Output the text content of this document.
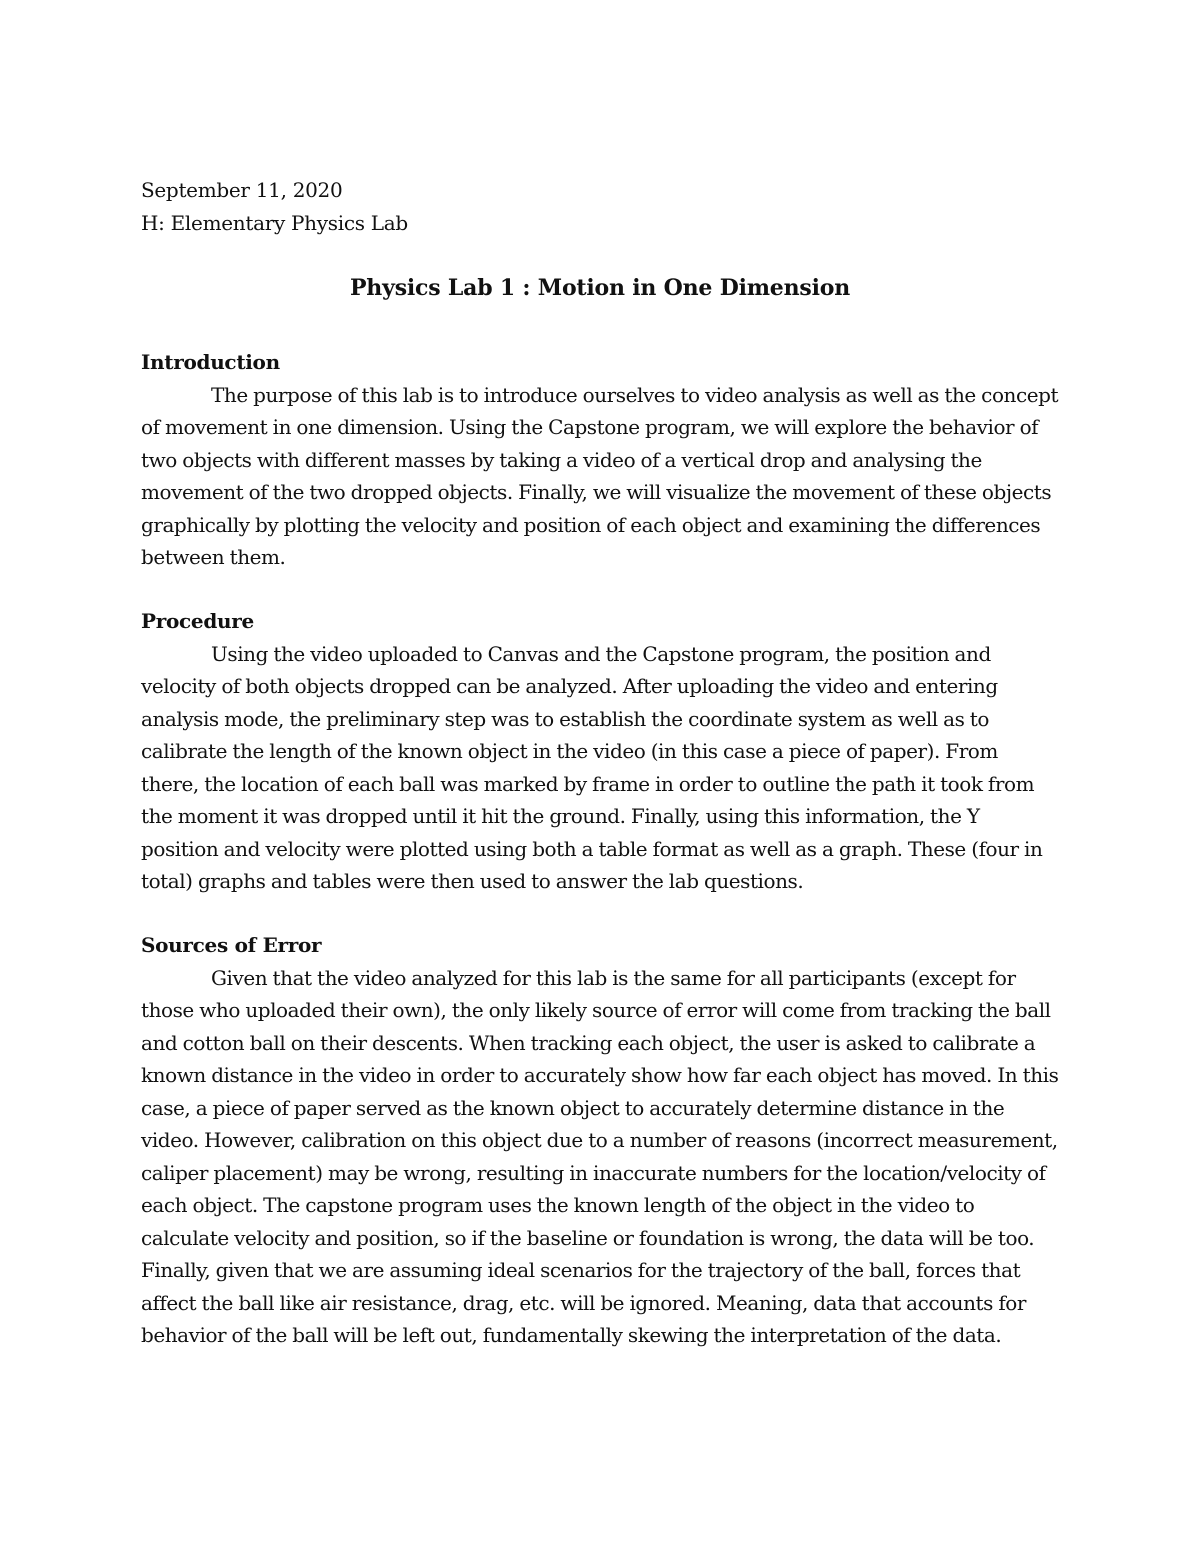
September 11, 2020
H: Elementary Physics Lab
Physics Lab 1 : Motion in One Dimension
Introduction

The purpose of this lab is to introduce ourselves to video analysis as well as the concept of movement in one dimension. Using the Capstone program, we will explore the behavior of two objects with different masses by taking a video of a vertical drop and analysing the movement of the two dropped objects. Finally, we will visualize the movement of these objects graphically by plotting the velocity and position of each object and examining the differences between them.

Procedure

Using the video uploaded to Canvas and the Capstone program, the position and velocity of both objects dropped can be analyzed. After uploading the video and entering analysis mode, the preliminary step was to establish the coordinate system as well as to calibrate the length of the known object in the video (in this case a piece of paper). From there, the location of each ball was marked by frame in order to outline the path it took from the moment it was dropped until it hit the ground. Finally, using this information, the Y position and velocity were plotted using both a table format as well as a graph. These (four in total) graphs and tables were then used to answer the lab questions.

Sources of Error

Given that the video analyzed for this lab is the same for all participants (except for those who uploaded their own), the only likely source of error will come from tracking the ball and cotton ball on their descents. When tracking each object, the user is asked to calibrate a known distance in the video in order to accurately show how far each object has moved. In this case, a piece of paper served as the known object to accurately determine distance in the video. However, calibration on this object due to a number of reasons (incorrect measurement, caliper placement) may be wrong, resulting in inaccurate numbers for the location/velocity of each object. The capstone program uses the known length of the object in the video to calculate velocity and position, so if the baseline or foundation is wrong, the data will be too. Finally, given that we are assuming ideal scenarios for the trajectory of the ball, forces that affect the ball like air resistance, drag, etc. will be ignored. Meaning, data that accounts for behavior of the ball will be left out, fundamentally skewing the interpretation of the data.
